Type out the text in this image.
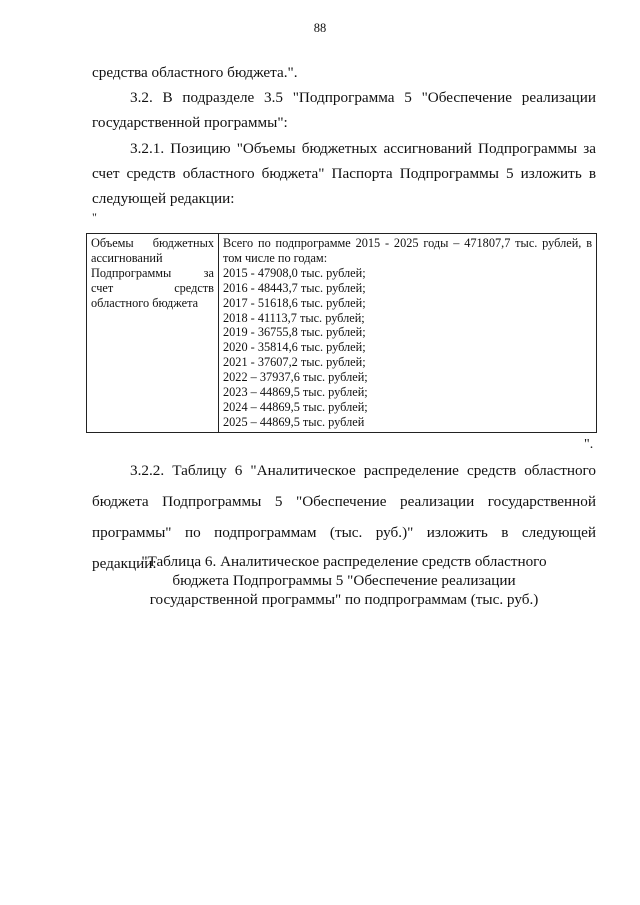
88
средства областного бюджета.".
3.2. В подразделе 3.5 "Подпрограмма 5 "Обеспечение реализации
государственной программы":
3.2.1. Позицию "Объемы бюджетных ассигнований Подпрограммы за
счет средств областного бюджета" Паспорта Подпрограммы 5 изложить в
следующей редакции:
"
Объемы бюджетных
ассигнований
Подпрограммы за
счет средств
областного бюджета

Всего по подпрограмме 2015 - 2025 годы – 471807,7 тыс. рублей, в
том числе по годам:
2015 - 47908,0 тыс. рублей;
2016 - 48443,7 тыс. рублей;
2017 - 51618,6 тыс. рублей;
2018 - 41113,7 тыс. рублей;
2019 - 36755,8 тыс. рублей;
2020 - 35814,6 тыс. рублей;
2021 - 37607,2 тыс. рублей;
2022 – 37937,6 тыс. рублей;
2023 – 44869,5 тыс. рублей;
2024 – 44869,5 тыс. рублей;
2025 – 44869,5 тыс. рублей
".
3.2.2. Таблицу 6 "Аналитическое распределение средств областного
бюджета Подпрограммы 5 "Обеспечение реализации государственной
программы" по подпрограммам (тыс. руб.)" изложить в следующей редакции:
"Таблица 6. Аналитическое распределение средств областного
бюджета Подпрограммы 5 "Обеспечение реализации
государственной программы" по подпрограммам (тыс. руб.)
